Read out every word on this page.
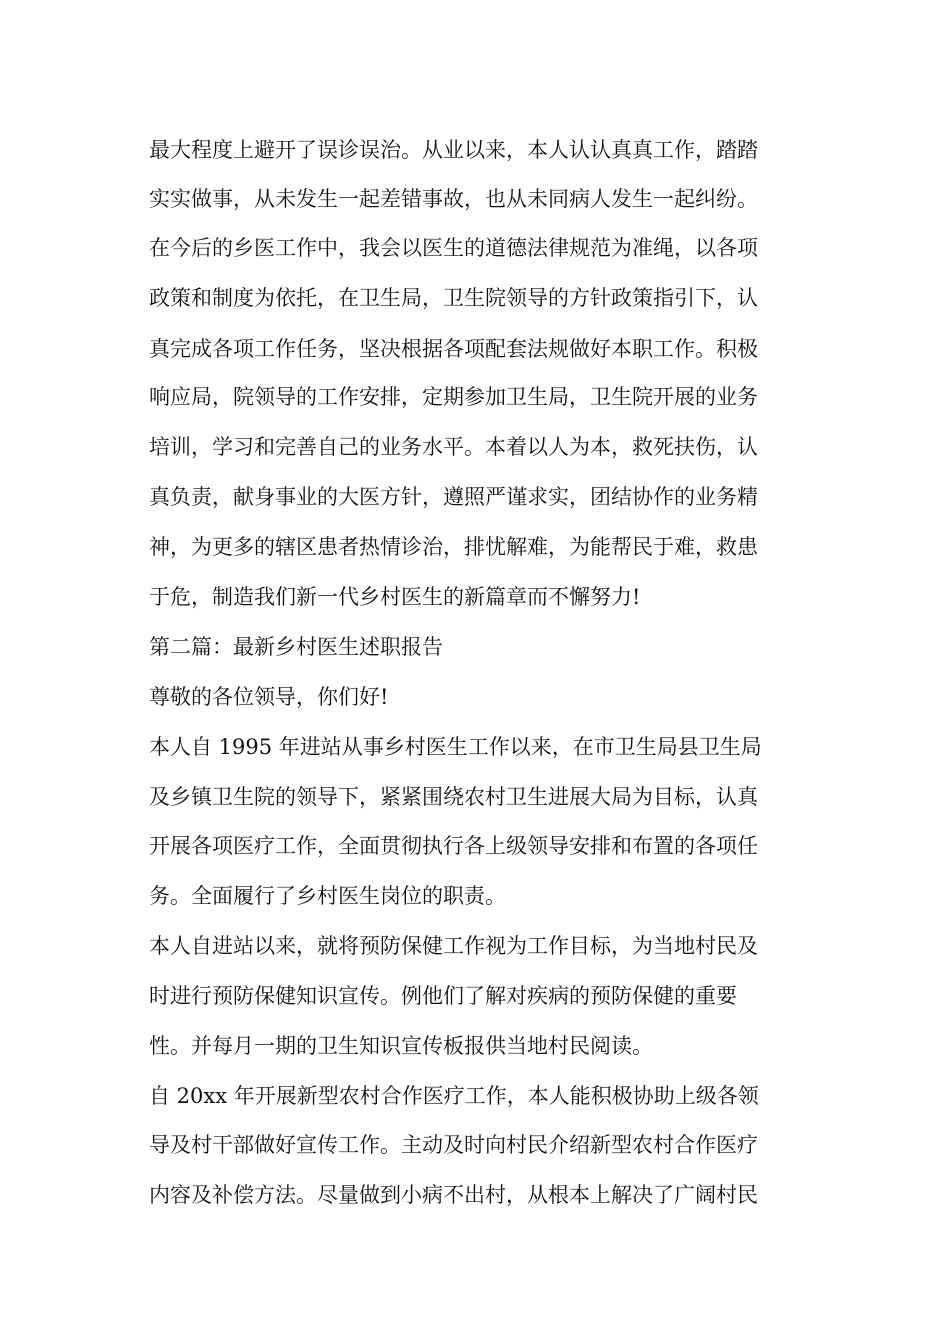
最大程度上避开了误诊误治。从业以来，本人认认真真工作，踏踏
实实做事，从未发生一起差错事故，也从未同病人发生一起纠纷。
在今后的乡医工作中，我会以医生的道德法律规范为准绳，以各项
政策和制度为依托，在卫生局，卫生院领导的方针政策指引下，认
真完成各项工作任务，坚决根据各项配套法规做好本职工作。积极
响应局，院领导的工作安排，定期参加卫生局，卫生院开展的业务
培训，学习和完善自己的业务水平。本着以人为本，救死扶伤，认
真负责，献身事业的大医方针，遵照严谨求实，团结协作的业务精
神，为更多的辖区患者热情诊治，排忧解难，为能帮民于难，救患
于危，制造我们新一代乡村医生的新篇章而不懈努力!
第二篇：最新乡村医生述职报告
尊敬的各位领导，你们好!
本人自 1995 年进站从事乡村医生工作以来，在市卫生局县卫生局
及乡镇卫生院的领导下，紧紧围绕农村卫生进展大局为目标，认真
开展各项医疗工作，全面贯彻执行各上级领导安排和布置的各项任
务。全面履行了乡村医生岗位的职责。
本人自进站以来，就将预防保健工作视为工作目标，为当地村民及
时进行预防保健知识宣传。例他们了解对疾病的预防保健的重要
性。并每月一期的卫生知识宣传板报供当地村民阅读。
自 20xx 年开展新型农村合作医疗工作，本人能积极协助上级各领
导及村干部做好宣传工作。主动及时向村民介绍新型农村合作医疗
内容及补偿方法。尽量做到小病不出村，从根本上解决了广阔村民
